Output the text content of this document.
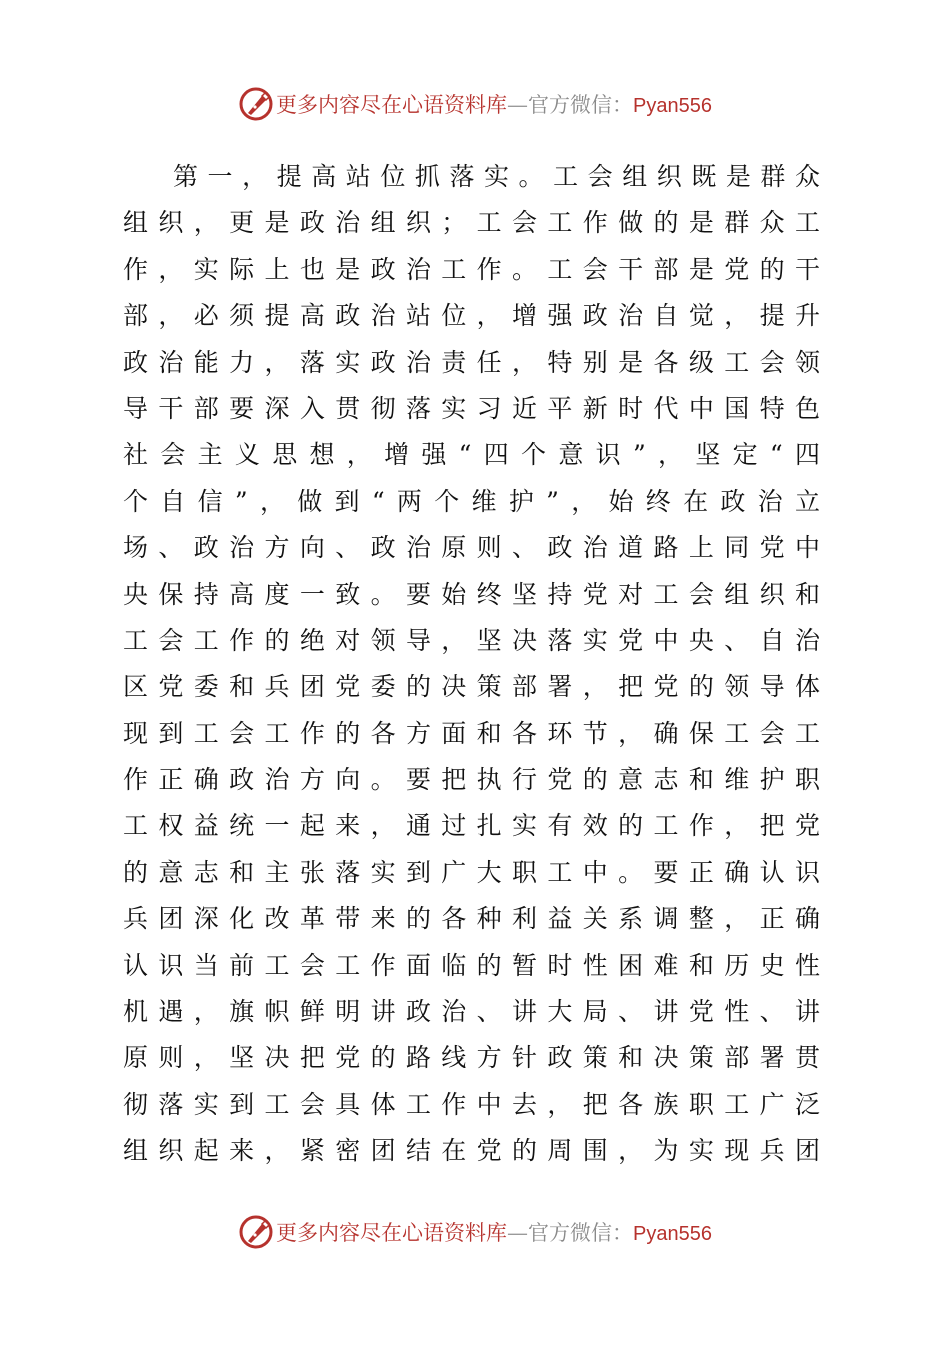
更多内容尽在心语资料库—官方微信：Pyan556
第一，提高站位抓落实。工会组织既是群众
组织，更是政治组织；工会工作做的是群众工
作，实际上也是政治工作。工会干部是党的干
部，必须提高政治站位，增强政治自觉，提升
政治能力，落实政治责任，特别是各级工会领
导干部要深入贯彻落实习近平新时代中国特色
社会主义思想，增强“四个意识”，坚定“四
个自信”，做到“两个维护”，始终在政治立
场、政治方向、政治原则、政治道路上同党中
央保持高度一致。要始终坚持党对工会组织和
工会工作的绝对领导，坚决落实党中央、自治
区党委和兵团党委的决策部署，把党的领导体
现到工会工作的各方面和各环节，确保工会工
作正确政治方向。要把执行党的意志和维护职
工权益统一起来，通过扎实有效的工作，把党
的意志和主张落实到广大职工中。要正确认识
兵团深化改革带来的各种利益关系调整，正确
认识当前工会工作面临的暂时性困难和历史性
机遇，旗帜鲜明讲政治、讲大局、讲党性、讲
原则，坚决把党的路线方针政策和决策部署贯
彻落实到工会具体工作中去，把各族职工广泛
组织起来，紧密团结在党的周围，为实现兵团
更多内容尽在心语资料库—官方微信：Pyan556
